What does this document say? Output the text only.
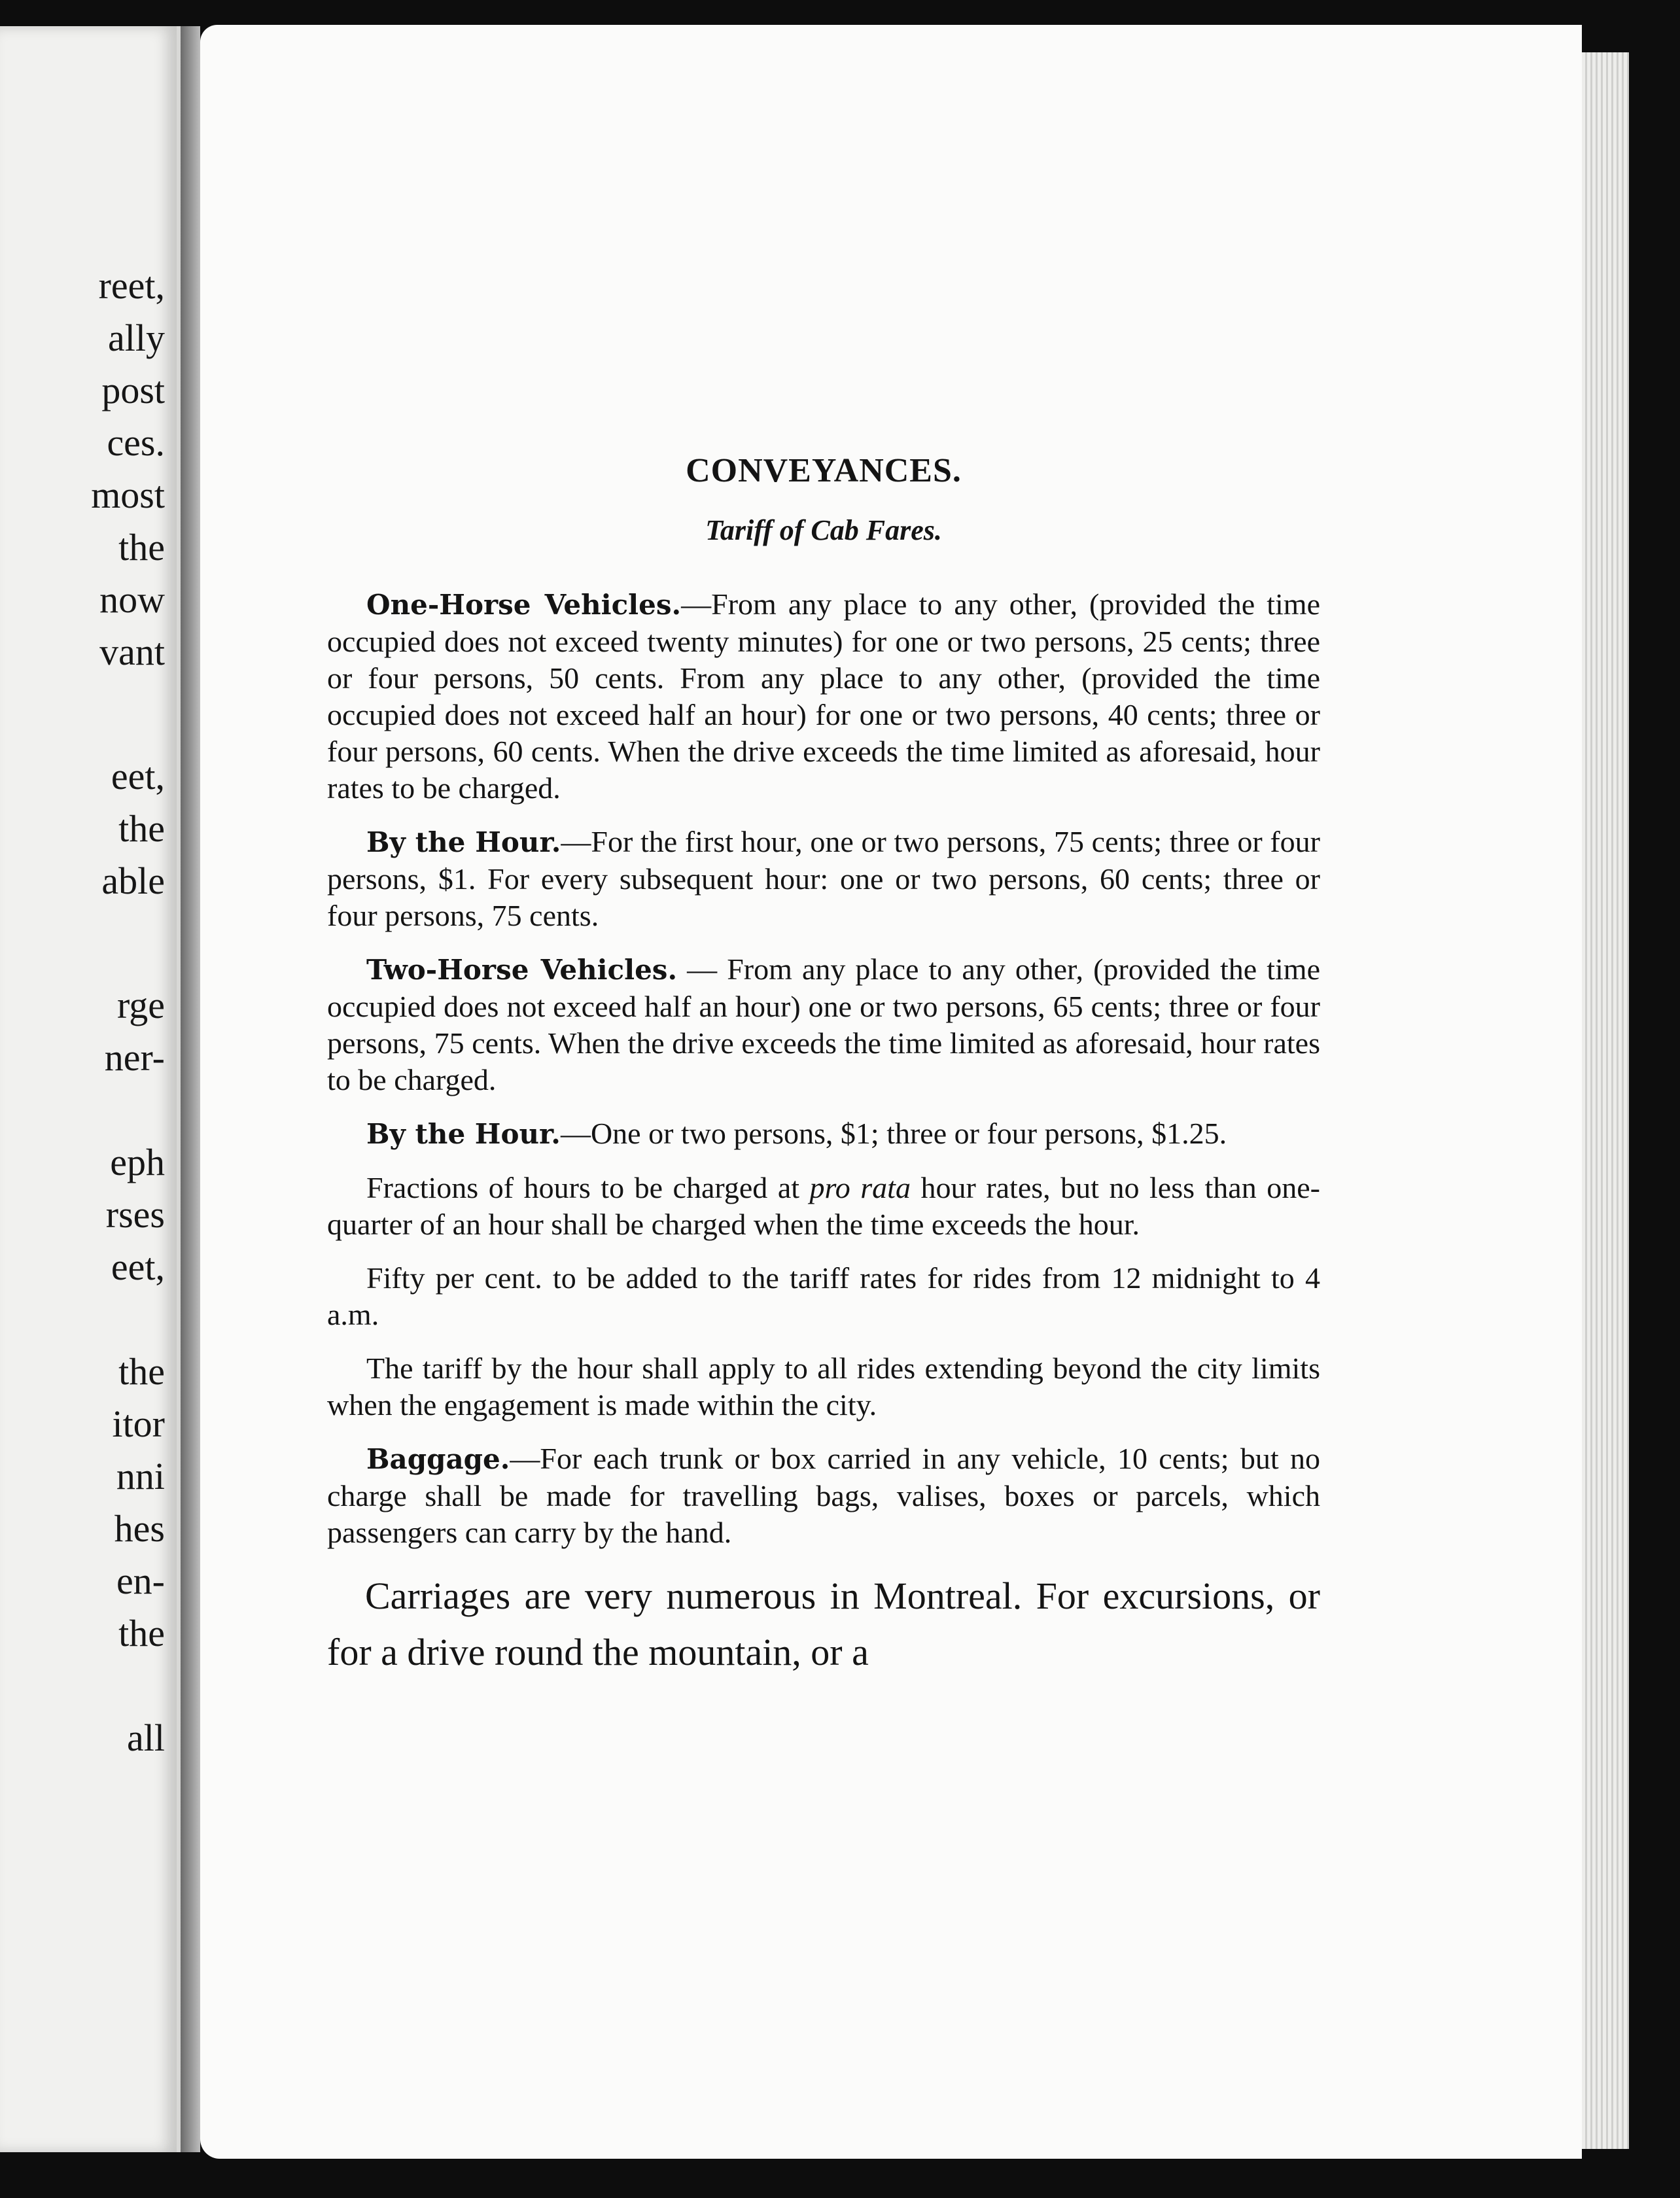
reet,
ally
post
ces.
most
the
now
vant
eet,
the
able
rge
ner-
eph
rses
eet,
the
itor
nni
hes
en-
the
all
CONVEYANCES.
Tariff of Cab Fares.

One-Horse Vehicles.—From any place to any other, (provided the time occupied does not exceed twenty minutes) for one or two persons, 25 cents; three or four persons, 50 cents. From any place to any other, (provided the time occupied does not exceed half an hour) for one or two persons, 40 cents; three or four persons, 60 cents. When the drive exceeds the time limited as aforesaid, hour rates to be charged.

By the Hour.—For the first hour, one or two persons, 75 cents; three or four persons, $1. For every subsequent hour: one or two persons, 60 cents; three or four persons, 75 cents.

Two-Horse Vehicles. — From any place to any other, (provided the time occupied does not exceed half an hour) one or two persons, 65 cents; three or four persons, 75 cents. When the drive exceeds the time limited as aforesaid, hour rates to be charged.

By the Hour.—One or two persons, $1; three or four persons, $1.25.

Fractions of hours to be charged at pro rata hour rates, but no less than one-quarter of an hour shall be charged when the time exceeds the hour.

Fifty per cent. to be added to the tariff rates for rides from 12 midnight to 4 a.m.

The tariff by the hour shall apply to all rides extending beyond the city limits when the engagement is made within the city.

Baggage.—For each trunk or box carried in any vehicle, 10 cents; but no charge shall be made for travelling bags, valises, boxes or parcels, which passengers can carry by the hand.

Carriages are very numerous in Montreal. For excursions, or for a drive round the mountain, or a
